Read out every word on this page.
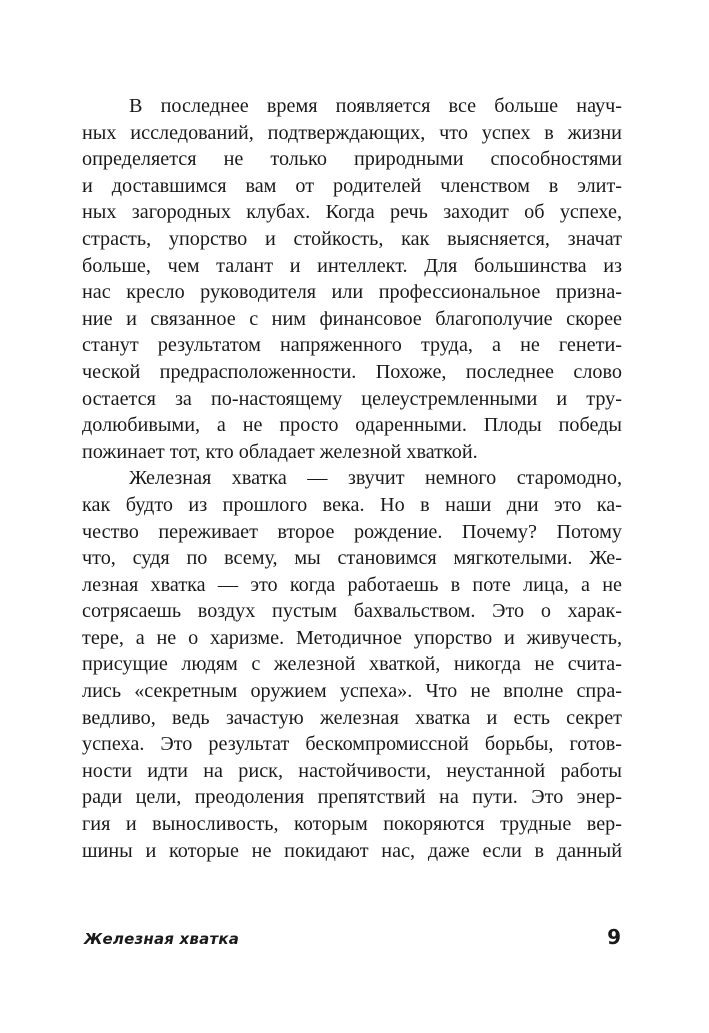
В последнее время появляется все больше науч-
ных исследований, подтверждающих, что успех в жизни
определяется не только природными способностями
и доставшимся вам от родителей членством в элит-
ных загородных клубах. Когда речь заходит об успехе,
страсть, упорство и стойкость, как выясняется, значат
больше, чем талант и интеллект. Для большинства из
нас кресло руководителя или профессиональное призна-
ние и связанное с ним финансовое благополучие скорее
станут результатом напряженного труда, а не генети-
ческой предрасположенности. Похоже, последнее слово
остается за по-настоящему целеустремленными и тру-
долюбивыми, а не просто одаренными. Плоды победы
пожинает тот, кто обладает железной хваткой.
Железная хватка — звучит немного старомодно,
как будто из прошлого века. Но в наши дни это ка-
чество переживает второе рождение. Почему? Потому
что, судя по всему, мы становимся мягкотелыми. Же-
лезная хватка — это когда работаешь в поте лица, а не
сотрясаешь воздух пустым бахвальством. Это о харак-
тере, а не о харизме. Методичное упорство и живучесть,
присущие людям с железной хваткой, никогда не счита-
лись «секретным оружием успеха». Что не вполне спра-
ведливо, ведь зачастую железная хватка и есть секрет
успеха. Это результат бескомпромиссной борьбы, готов-
ности идти на риск, настойчивости, неустанной работы
ради цели, преодоления препятствий на пути. Это энер-
гия и выносливость, которым покоряются трудные вер-
шины и которые не покидают нас, даже если в данный
Железная хватка	9
